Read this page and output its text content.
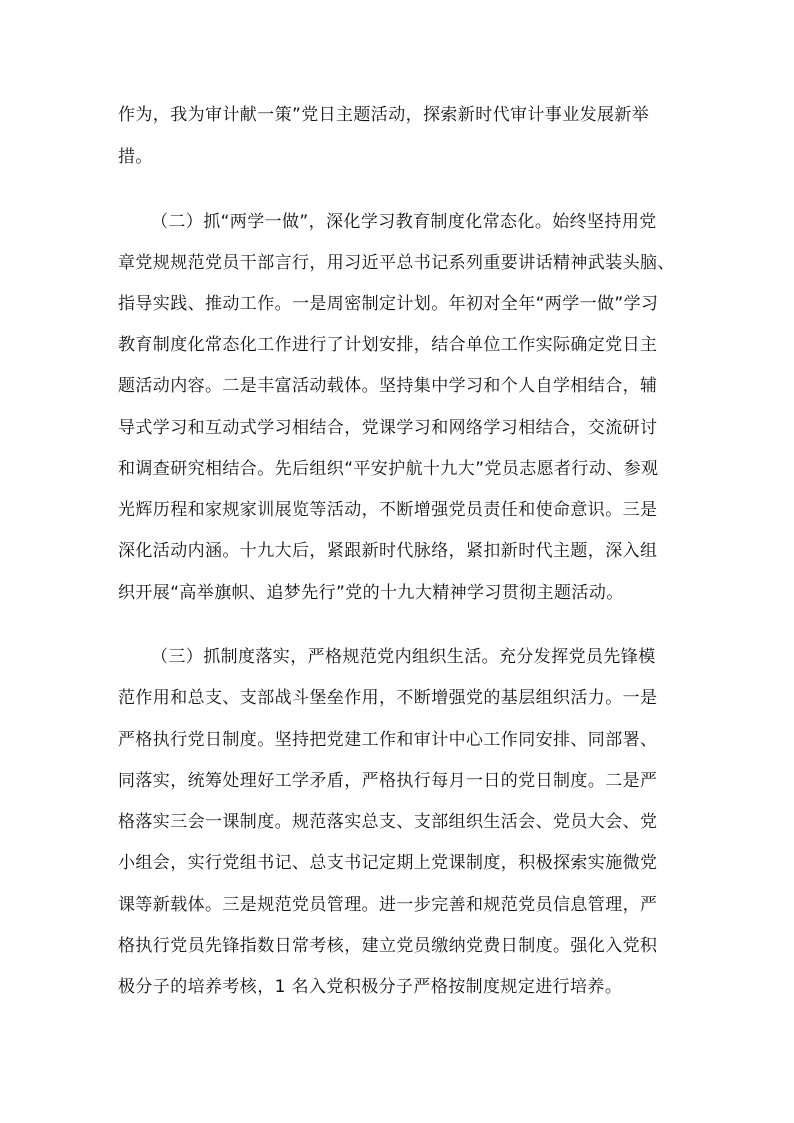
作为，我为审计献一策”党日主题活动，探索新时代审计事业发展新举

措。

（二）抓“两学一做”，深化学习教育制度化常态化。始终坚持用党

章党规规范党员干部言行，用习近平总书记系列重要讲话精神武装头脑、

指导实践、推动工作。一是周密制定计划。年初对全年“两学一做”学习

教育制度化常态化工作进行了计划安排，结合单位工作实际确定党日主

题活动内容。二是丰富活动载体。坚持集中学习和个人自学相结合，辅

导式学习和互动式学习相结合，党课学习和网络学习相结合，交流研讨

和调查研究相结合。先后组织“平安护航十九大”党员志愿者行动、参观

光辉历程和家规家训展览等活动，不断增强党员责任和使命意识。三是

深化活动内涵。十九大后，紧跟新时代脉络，紧扣新时代主题，深入组

织开展“高举旗帜、追梦先行”党的十九大精神学习贯彻主题活动。

（三）抓制度落实，严格规范党内组织生活。充分发挥党员先锋模

范作用和总支、支部战斗堡垒作用，不断增强党的基层组织活力。一是

严格执行党日制度。坚持把党建工作和审计中心工作同安排、同部署、

同落实，统筹处理好工学矛盾，严格执行每月一日的党日制度。二是严

格落实三会一课制度。规范落实总支、支部组织生活会、党员大会、党

小组会，实行党组书记、总支书记定期上党课制度，积极探索实施微党

课等新载体。三是规范党员管理。进一步完善和规范党员信息管理，严

格执行党员先锋指数日常考核，建立党员缴纳党费日制度。强化入党积

极分子的培养考核，1 名入党积极分子严格按制度规定进行培养。
